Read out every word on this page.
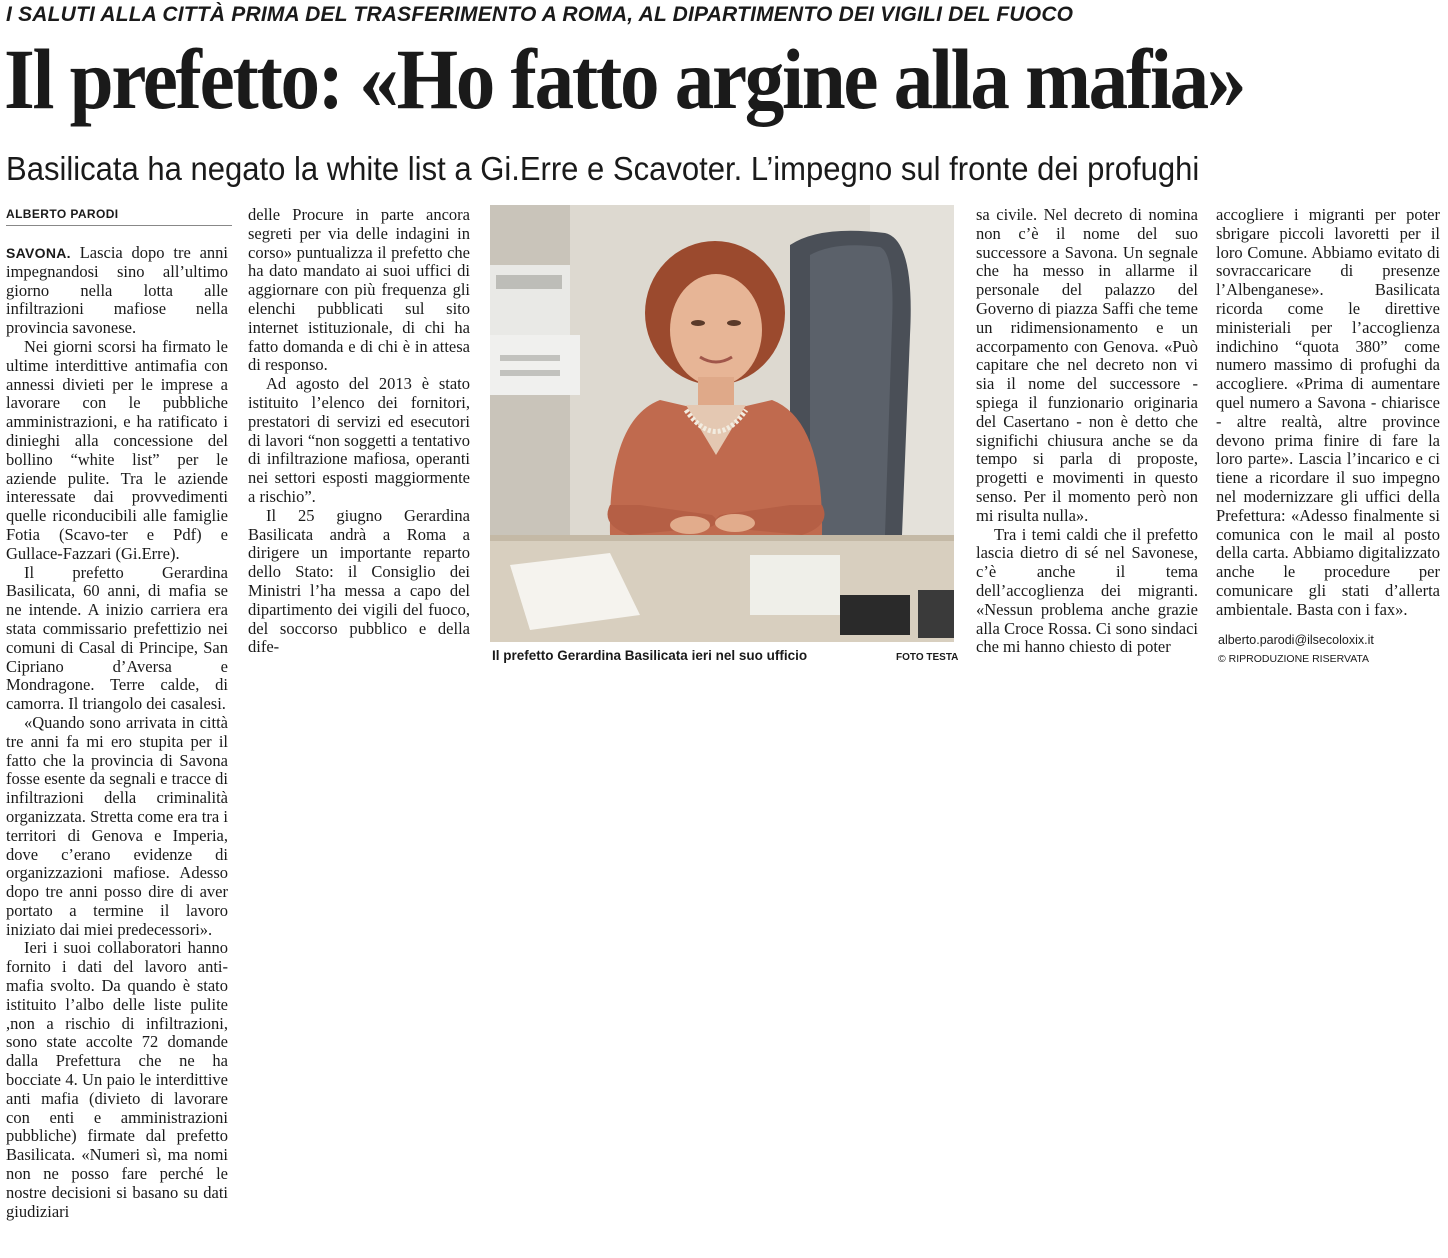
I SALUTI ALLA CITTÀ PRIMA DEL TRASFERIMENTO A ROMA, AL DIPARTIMENTO DEI VIGILI DEL FUOCO
Il prefetto: «Ho fatto argine alla mafia»
Basilicata ha negato la white list a Gi.Erre e Scavoter. L’impegno sul fronte dei profughi
ALBERTO PARODI

SAVONA. Lascia dopo tre anni impegnandosi sino all’ultimo giorno nella lotta alle infiltrazioni mafiose nella provincia savonese.

Nei giorni scorsi ha firmato le ultime interdittive antimafia con annessi divieti per le imprese a lavorare con le pubbliche amministrazioni, e ha ratificato i dinieghi alla concessione del bollino “white list” per le aziende pulite. Tra le aziende interessate dai provvedimenti quelle riconducibili alle famiglie Fotia (Scavo-ter e Pdf) e Gullace-Fazzari (Gi.Erre).

Il prefetto Gerardina Basilicata, 60 anni, di mafia se ne intende. A inizio carriera era stata commissario prefettizio nei comuni di Casal di Principe, San Cipriano d’Aversa e Mondragone. Terre calde, di camorra. Il triangolo dei casalesi.

«Quando sono arrivata in città tre anni fa mi ero stupita per il fatto che la provincia di Savona fosse esente da segnali e tracce di infiltrazioni della criminalità organizzata. Stretta come era tra i territori di Genova e Imperia, dove c’erano evidenze di organizzazioni mafiose. Adesso dopo tre anni posso dire di aver portato a termine il lavoro iniziato dai miei predecessori».

Ieri i suoi collaboratori hanno fornito i dati del lavoro anti-mafia svolto. Da quando è stato istituito l’albo delle liste pulite ,non a rischio di infiltrazioni, sono state accolte 72 domande dalla Prefettura che ne ha bocciate 4. Un paio le interdittive anti mafia (divieto di lavorare con enti e amministrazioni pubbliche) firmate dal prefetto Basilicata. «Numeri sì, ma nomi non ne posso fare perché le nostre decisioni si basano su dati giudiziari

delle Procure in parte ancora segreti per via delle indagini in corso» puntualizza il prefetto che ha dato mandato ai suoi uffici di aggiornare con più frequenza gli elenchi pubblicati sul sito internet istituzionale, di chi ha fatto domanda e di chi è in attesa di responso.

Ad agosto del 2013 è stato istituito l’elenco dei fornitori, prestatori di servizi ed esecutori di lavori “non soggetti a tentativo di infiltrazione mafiosa, operanti nei settori esposti maggiormente a rischio”.

Il 25 giugno Gerardina Basilicata andrà a Roma a dirigere un importante reparto dello Stato: il Consiglio dei Ministri l’ha messa a capo del dipartimento dei vigili del fuoco, del soccorso pubblico e della dife-	Il prefetto Gerardina Basilicata ieri nel suo ufficio	FOTO TESTA

sa civile. Nel decreto di nomina non c’è il nome del suo successore a Savona. Un segnale che ha messo in allarme il personale del palazzo del Governo di piazza Saffi che teme un ridimensionamento e un accorpamento con Genova. «Può capitare che nel decreto non vi sia il nome del successore - spiega il funzionario originaria del Casertano - non è detto che significhi chiusura anche se da tempo si parla di proposte, progetti e movimenti in questo senso. Per il momento però non mi risulta nulla».

Tra i temi caldi che il prefetto lascia dietro di sé nel Savonese, c’è anche il tema dell’accoglienza dei migranti. «Nessun problema anche grazie alla Croce Rossa. Ci sono sindaci che mi hanno chiesto di poter

accogliere i migranti per poter sbrigare piccoli lavoretti per il loro Comune. Abbiamo evitato di sovraccaricare di presenze l’Albenganese». Basilicata ricorda come le direttive ministeriali per l’accoglienza indichino “quota 380” come numero massimo di profughi da accogliere. «Prima di aumentare quel numero a Savona - chiarisce - altre realtà, altre province devono prima finire di fare la loro parte». Lascia l’incarico e ci tiene a ricordare il suo impegno nel modernizzare gli uffici della Prefettura: «Adesso finalmente si comunica con le mail al posto della carta. Abbiamo digitalizzato anche le procedure per comunicare gli stati d’allerta ambientale. Basta con i fax».

alberto.parodi@ilsecoloxix.it
© RIPRODUZIONE RISERVATA
